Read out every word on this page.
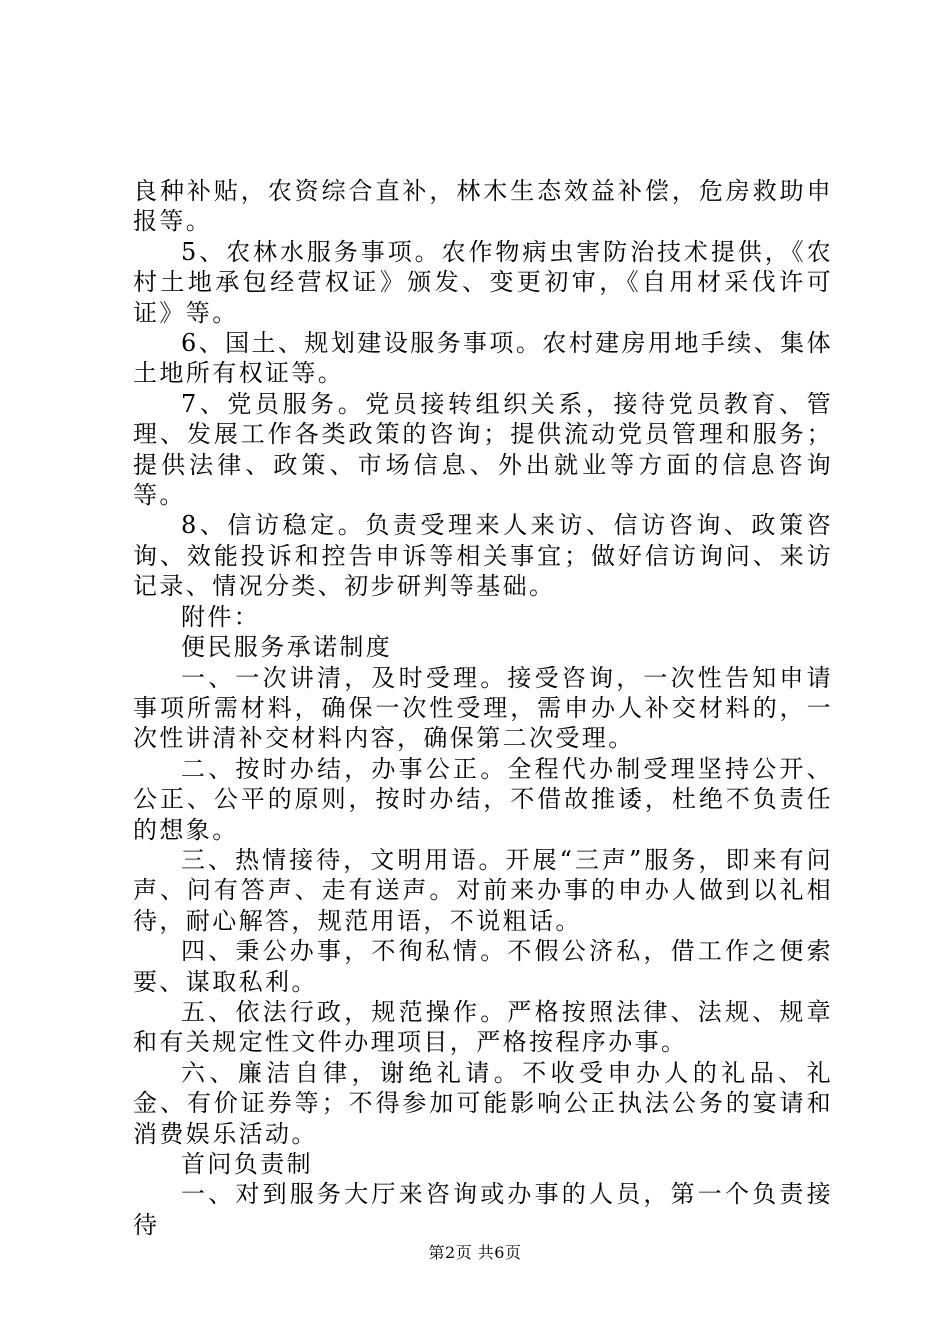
良种补贴，农资综合直补，林木生态效益补偿，危房救助申报等。

5、农林水服务事项。农作物病虫害防治技术提供，《农村土地承包经营权证》颁发、变更初审，《自用材采伐许可证》等。

6、国土、规划建设服务事项。农村建房用地手续、集体土地所有权证等。

7、党员服务。党员接转组织关系，接待党员教育、管理、发展工作各类政策的咨询；提供流动党员管理和服务；提供法律、政策、市场信息、外出就业等方面的信息咨询等。

8、信访稳定。负责受理来人来访、信访咨询、政策咨询、效能投诉和控告申诉等相关事宜；做好信访询问、来访记录、情况分类、初步研判等基础。

附件：

便民服务承诺制度

一、一次讲清，及时受理。接受咨询，一次性告知申请事项所需材料，确保一次性受理，需申办人补交材料的，一次性讲清补交材料内容，确保第二次受理。

二、按时办结，办事公正。全程代办制受理坚持公开、公正、公平的原则，按时办结，不借故推诿，杜绝不负责任的想象。

三、热情接待，文明用语。开展“三声”服务，即来有问声、问有答声、走有送声。对前来办事的申办人做到以礼相待，耐心解答，规范用语，不说粗话。

四、秉公办事，不徇私情。不假公济私，借工作之便索要、谋取私利。

五、依法行政，规范操作。严格按照法律、法规、规章和有关规定性文件办理项目，严格按程序办事。

六、廉洁自律，谢绝礼请。不收受申办人的礼品、礼金、有价证券等；不得参加可能影响公正执法公务的宴请和消费娱乐活动。

首问负责制

一、对到服务大厅来咨询或办事的人员，第一个负责接待

第2页 共6页
